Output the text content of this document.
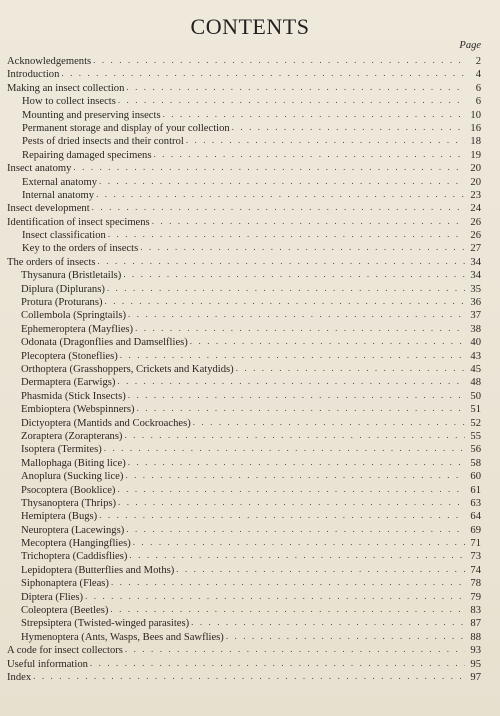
CONTENTS
Page
Acknowledgements . . .	2
Introduction . . .	4
Making an insect collection . . .	6
How to collect insects . . .	6
Mounting and preserving insects . . .	10
Permanent storage and display of your collection . . .	16
Pests of dried insects and their control . . .	18
Repairing damaged specimens . . .	19
Insect anatomy . . .	20
External anatomy . . .	20
Internal anatomy . . .	23
Insect development . . .	24
Identification of insect specimens . . .	26
Insect classification . . .	26
Key to the orders of insects . . .	27
The orders of insects . . .	34
Thysanura (Bristletails) . . .	34
Diplura (Diplurans) . . .	35
Protura (Proturans) . . .	36
Collembola (Springtails) . . .	37
Ephemeroptera (Mayflies) . . .	38
Odonata (Dragonflies and Damselflies) . . .	40
Plecoptera (Stoneflies) . . .	43
Orthoptera (Grasshoppers, Crickets and Katydids) . . .	45
Dermaptera (Earwigs) . . .	48
Phasmida (Stick Insects) . . .	50
Embioptera (Webspinners) . . .	51
Dictyoptera (Mantids and Cockroaches) . . .	52
Zoraptera (Zorapterans) . . .	55
Isoptera (Termites) . . .	56
Mallophaga (Biting lice) . . .	58
Anoplura (Sucking lice) . . .	60
Psocoptera (Booklice) . . .	61
Thysanoptera (Thrips) . . .	63
Hemiptera (Bugs) . . .	64
Neuroptera (Lacewings) . . .	69
Mecoptera (Hangingflies) . . .	71
Trichoptera (Caddisflies) . . .	73
Lepidoptera (Butterflies and Moths) . . .	74
Siphonaptera (Fleas) . . .	78
Diptera (Flies) . . .	79
Coleoptera (Beetles) . . .	83
Strepsiptera (Twisted-winged parasites) . . .	87
Hymenoptera (Ants, Wasps, Bees and Sawflies) . . .	88
A code for insect collectors . . .	93
Useful information . . .	95
Index . . .	97
